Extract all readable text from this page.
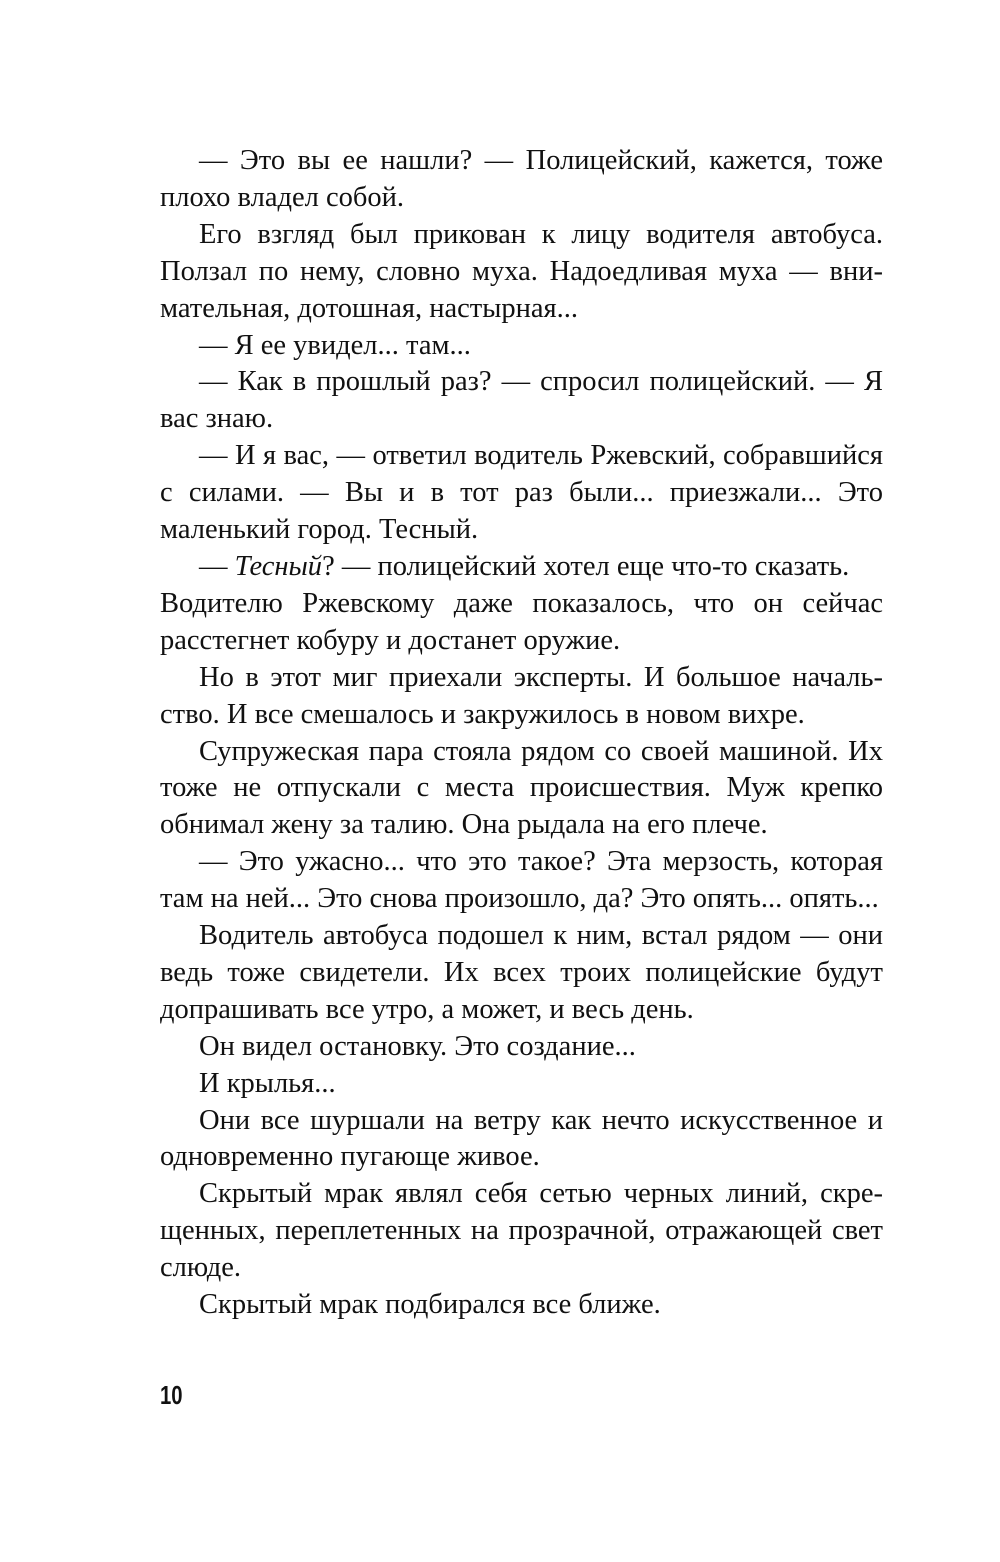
— Это вы ее нашли? — Полицейский, кажется, тоже плохо владел собой.

Его взгляд был прикован к лицу водителя автобуса. Ползал по нему, словно муха. Надоедливая муха — внимательная, дотошная, настырная...

— Я ее увидел... там...

— Как в прошлый раз? — спросил полицейский. — Я вас знаю.

— И я вас, — ответил водитель Ржевский, собравшийся с силами. — Вы и в тот раз были... приезжали... Это маленький город. Тесный.

— Тесный? — полицейский хотел еще что-то сказать.

Водителю Ржевскому даже показалось, что он сейчас расстегнет кобуру и достанет оружие.

Но в этот миг приехали эксперты. И большое начальство. И все смешалось и закружилось в новом вихре.

Супружеская пара стояла рядом со своей машиной. Их тоже не отпускали с места происшествия. Муж крепко обнимал жену за талию. Она рыдала на его плече.

— Это ужасно... что это такое? Эта мерзость, которая там на ней... Это снова произошло, да? Это опять... опять...

Водитель автобуса подошел к ним, встал рядом — они ведь тоже свидетели. Их всех троих полицейские будут допрашивать все утро, а может, и весь день.

Он видел остановку. Это создание...

И крылья...

Они все шуршали на ветру как нечто искусственное и одновременно пугающе живое.

Скрытый мрак являл себя сетью черных линий, скрещенных, переплетенных на прозрачной, отражающей свет слюде.

Скрытый мрак подбирался все ближе.

10
